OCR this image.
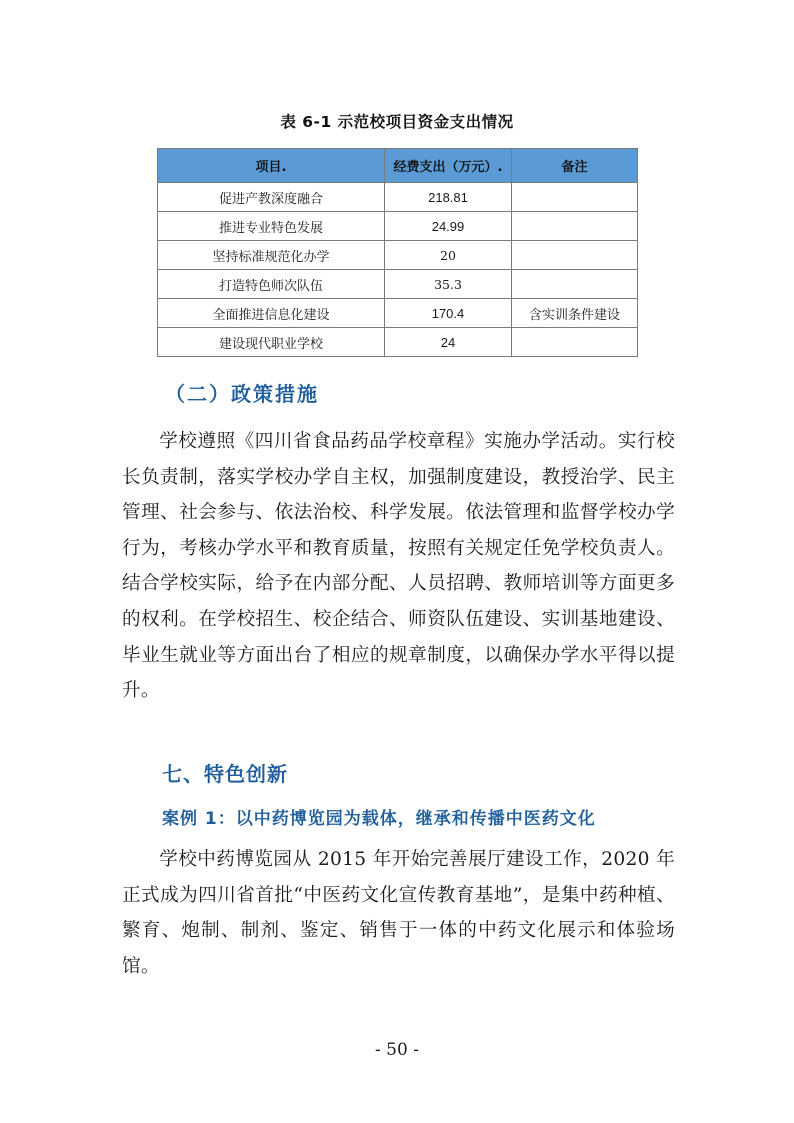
表 6-1 示范校项目资金支出情况
项目.	经费支出（万元）.	备注
促进产教深度融合	218.81	
推进专业特色发展	24.99	
坚持标准规范化办学	20	
打造特色师次队伍	35.3	
全面推进信息化建设	170.4	含实训条件建设
建设现代职业学校	24	
（二）政策措施

学校遵照《四川省食品药品学校章程》实施办学活动。实行校长负责制，落实学校办学自主权，加强制度建设，教授治学、民主管理、社会参与、依法治校、科学发展。依法管理和监督学校办学行为，考核办学水平和教育质量，按照有关规定任免学校负责人。结合学校实际，给予在内部分配、人员招聘、教师培训等方面更多的权利。在学校招生、校企结合、师资队伍建设、实训基地建设、毕业生就业等方面出台了相应的规章制度，以确保办学水平得以提升。

七、特色创新
案例 1：以中药博览园为载体，继承和传播中医药文化

学校中药博览园从 2015 年开始完善展厅建设工作，2020 年正式成为四川省首批“中医药文化宣传教育基地”，是集中药种植、繁育、炮制、制剂、鉴定、销售于一体的中药文化展示和体验场馆。

- 50 -
